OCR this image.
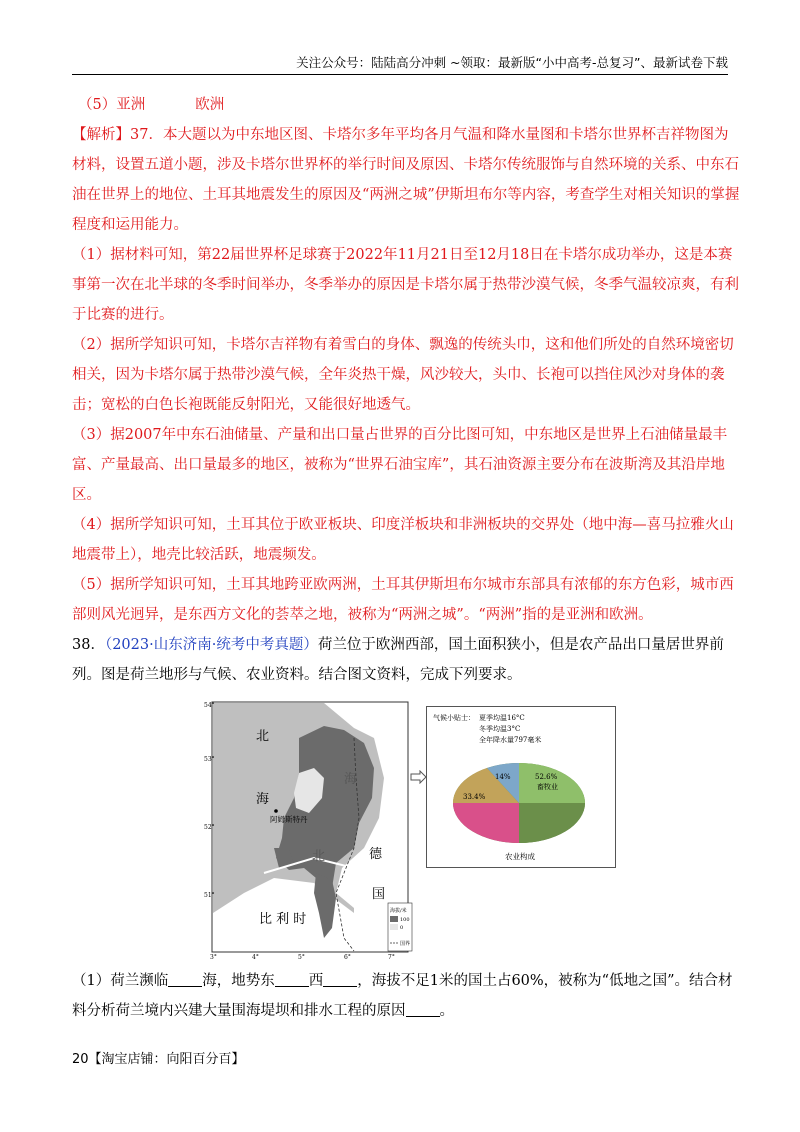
关注公众号：陆陆高分冲刺 ~领取：最新版“小中高考-总复习”、最新试卷下载

（5）亚洲	欧洲

【解析】37．本大题以为中东地区图、卡塔尔多年平均各月气温和降水量图和卡塔尔世界杯吉祥物图为材料，设置五道小题，涉及卡塔尔世界杯的举行时间及原因、卡塔尔传统服饰与自然环境的关系、中东石油在世界上的地位、土耳其地震发生的原因及“两洲之城”伊斯坦布尔等内容，考查学生对相关知识的掌握程度和运用能力。

（1）据材料可知，第22届世界杯足球赛于2022年11月21日至12月18日在卡塔尔成功举办，这是本赛事第一次在北半球的冬季时间举办，冬季举办的原因是卡塔尔属于热带沙漠气候，冬季气温较凉爽，有利于比赛的进行。

（2）据所学知识可知，卡塔尔吉祥物有着雪白的身体、飘逸的传统头巾，这和他们所处的自然环境密切相关，因为卡塔尔属于热带沙漠气候，全年炎热干燥，风沙较大，头巾、长袍可以挡住风沙对身体的袭击；宽松的白色长袍既能反射阳光，又能很好地透气。

（3）据2007年中东石油储量、产量和出口量占世界的百分比图可知，中东地区是世界上石油储量最丰富、产量最高、出口量最多的地区，被称为“世界石油宝库”，其石油资源主要分布在波斯湾及其沿岸地区。

（4）据所学知识可知，土耳其位于欧亚板块、印度洋板块和非洲板块的交界处（地中海—喜马拉雅火山地震带上），地壳比较活跃，地震频发。

（5）据所学知识可知，土耳其地跨亚欧两洲，土耳其伊斯坦布尔城市东部具有浓郁的东方色彩，城市西部则风光迥异，是东西方文化的荟萃之地，被称为“两洲之城”。“两洲”指的是亚洲和欧洲。

38．（2023·山东济南·统考中考真题）荷兰位于欧洲西部，国土面积狭小，但是农产品出口量居世界前列。图是荷兰地形与气候、农业资料。结合图文资料，完成下列要求。

阿姆斯特丹
54°
53°
52°
51°
3°	4°	5°	6°	7°
北
海
海
北	德
国
比 利 时
海拔/米
100
0
国界
气候小贴士： 夏季均温16°C
冬季均温3°C
全年降水量797毫米
14%
33.4%
52.6%
畜牧业
农业构成

（1）荷兰濒临 海，地势东 西 ，海拔不足1米的国土占60%，被称为“低地之国”。结合材料分析荷兰境内兴建大量围海堤坝和排水工程的原因 。

20【淘宝店铺：向阳百分百】
